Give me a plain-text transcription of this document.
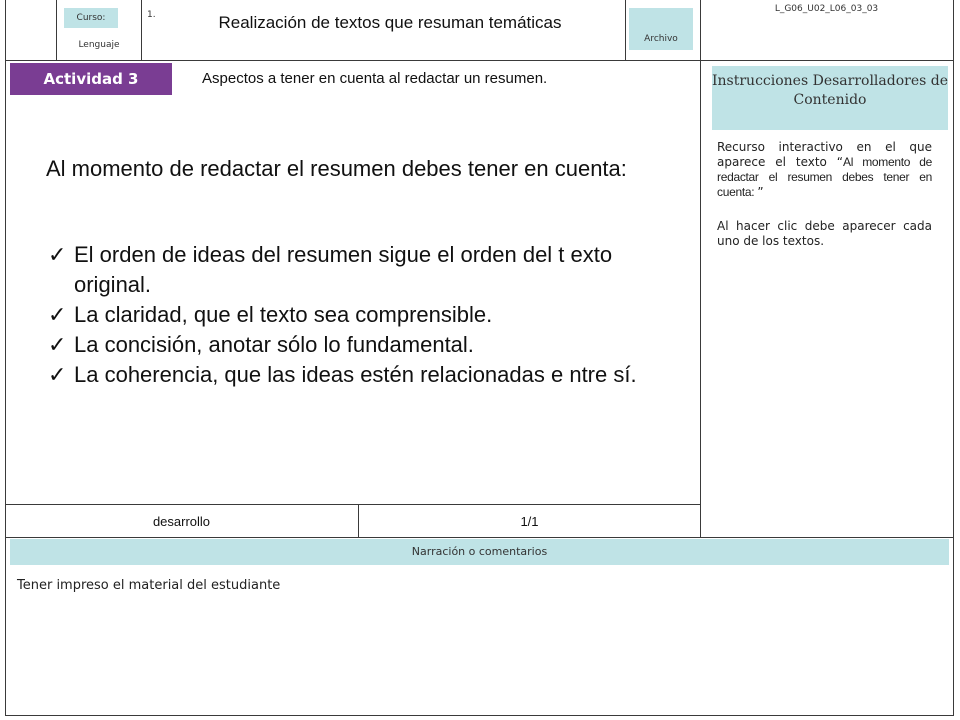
Curso:
Lenguaje
1.	Realización de textos que resuman temáticas
Archivo
L_G06_U02_L06_03_03
Actividad 3	Aspectos a tener en cuenta al redactar un resumen.
Al momento de redactar el resumen debes tener en cuenta:
✓ El orden de ideas del resumen sigue el orden del t exto original.
✓ La claridad, que el texto sea comprensible.
✓ La concisión, anotar sólo lo fundamental.
✓ La coherencia, que las ideas estén relacionadas e ntre sí.
Instrucciones Desarrolladores de Contenido
Recurso interactivo en el que aparece el texto “Al momento de redactar el resumen debes tener en cuenta: ”
Al hacer clic debe aparecer cada uno de los textos.
desarrollo	1/1
Narración o comentarios
Tener impreso el material del estudiante
